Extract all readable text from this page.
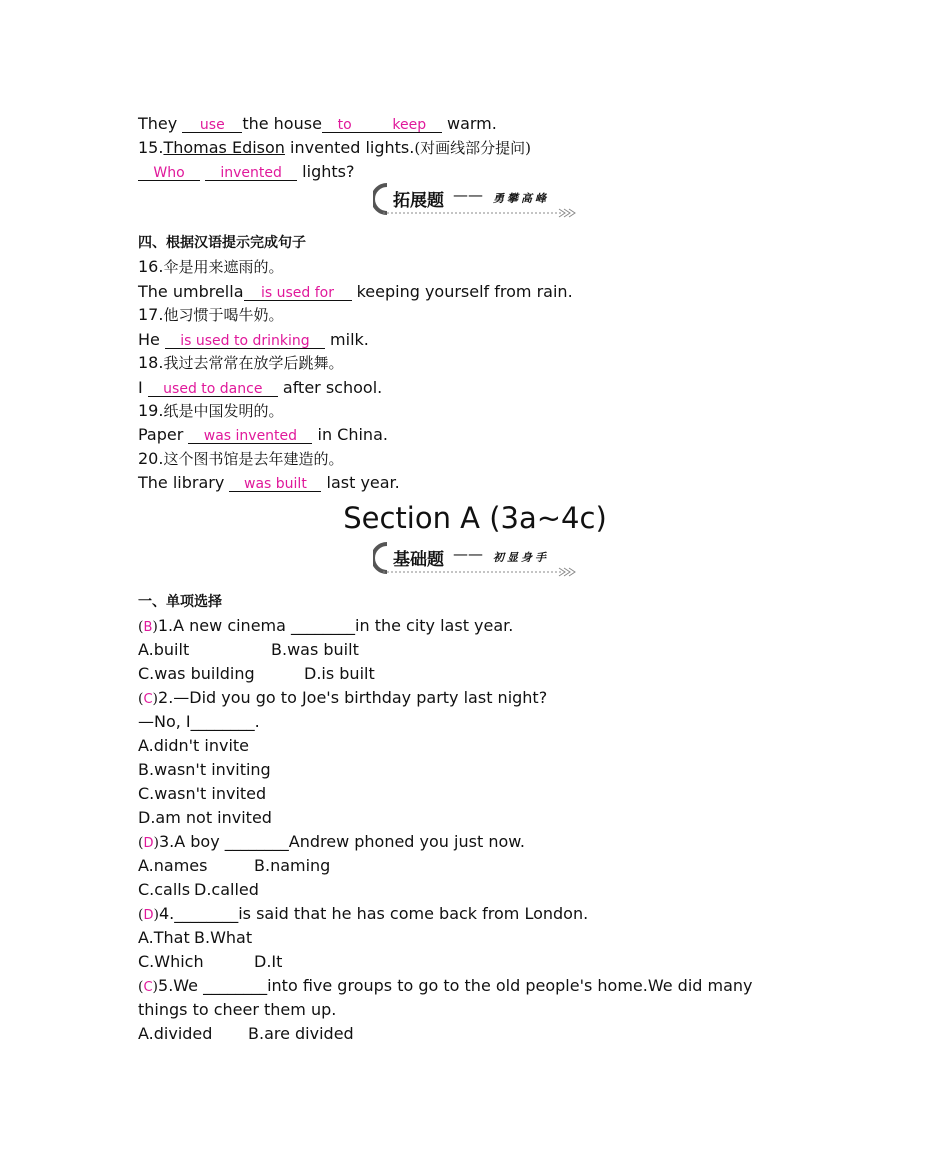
They use the house to	keep warm.
15.Thomas Edison invented lights.(对画线部分提问)
Who	invented lights?
拓展题 —— 勇攀高峰
四、根据汉语提示完成句子
16.伞是用来遮雨的。
The umbrella is used for keeping yourself from rain.
17.他习惯于喝牛奶。
He is used to drinking milk.
18.我过去常常在放学后跳舞。
I used to dance after school.
19.纸是中国发明的。
Paper was invented in China.
20.这个图书馆是去年建造的。
The library was built last year.
Section A (3a~4c)
基础题 —— 初显身手
一、单项选择
(B)1.A new cinema ________in the city last year.
A.built	B.was built
C.was building	D.is built
(C)2.—Did you go to Joe's birthday party last night?
—No, I________.
A.didn't invite
B.wasn't inviting
C.wasn't invited
D.am not invited
(D)3.A boy ________Andrew phoned you just now.
A.names	B.naming
C.calls D.called
(D)4.________is said that he has come back from London.
A.That B.What
C.Which	D.It
(C)5.We ________into five groups to go to the old people's home.We did many
things to cheer them up.
A.divided B.are divided
